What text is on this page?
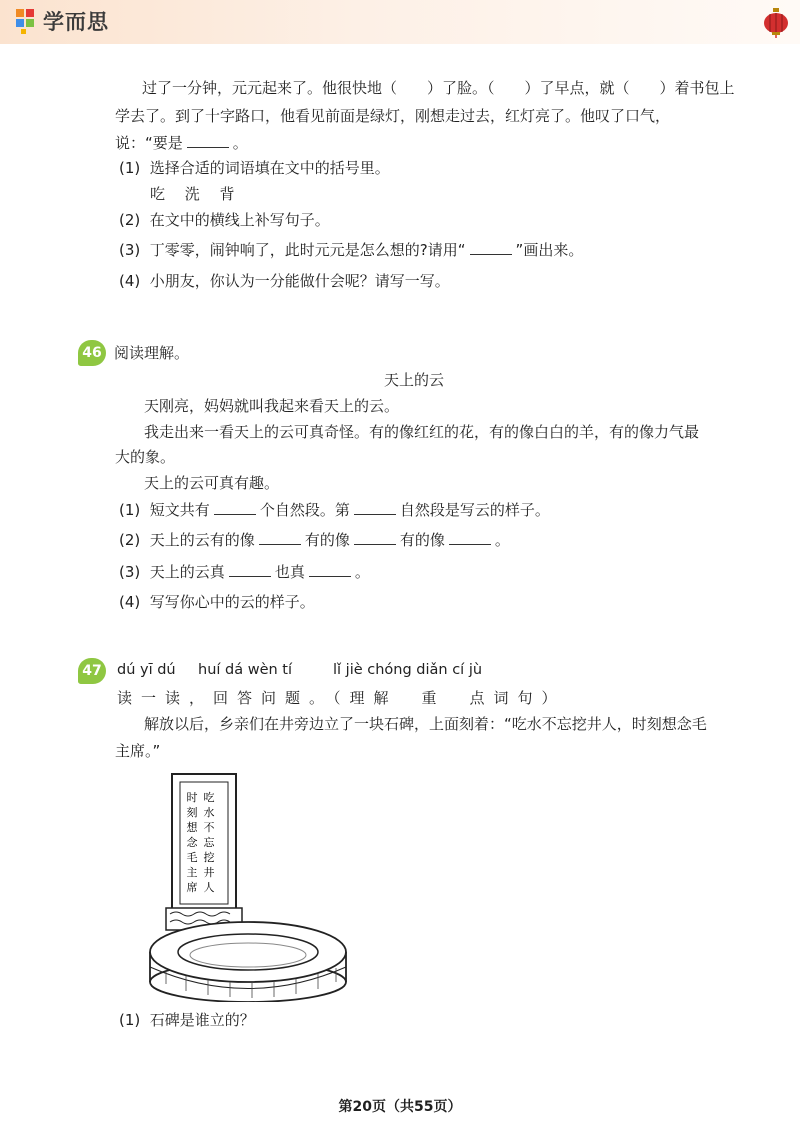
学而思
过了一分钟，元元起来了。他很快地（　　）了脸。（　　）了早点，就（　　）着书包上
学去了。到了十字路口，他看见前面是绿灯，刚想走过去，红灯亮了。他叹了口气，
说：“要是	。
(1) 选择合适的词语填在文中的括号里。
吃　 洗　 背
(2) 在文中的横线上补写句子。
(3) 丁零零，闹钟响了，此时元元是怎么想的?请用“	”画出来。
(4) 小朋友，你认为一分能做什会呢？请写一写。
46 阅读理解。
天上的云
天刚亮，妈妈就叫我起来看天上的云。
我走出来一看天上的云可真奇怪。有的像红红的花，有的像白白的羊，有的像力气最
大的象。
天上的云可真有趣。
(1) 短文共有	个自然段。第	自然段是写云的样子。
(2) 天上的云有的像	有的像	有的像	。
(3) 天上的云真	也真	。
(4) 写写你心中的云的样子。
47 dú yī dú huí dá wèn tí	lǐ jiè chóng diǎn cí jù
读一读，回答问题。（理解　重　点词句）
解放以后，乡亲们在井旁边立了一块石碑，上面刻着：“吃水不忘挖井人，时刻想念毛
主席。”
吃水不忘挖井人
时刻想念毛主席
(1) 石碑是谁立的？
第20页（共55页）
